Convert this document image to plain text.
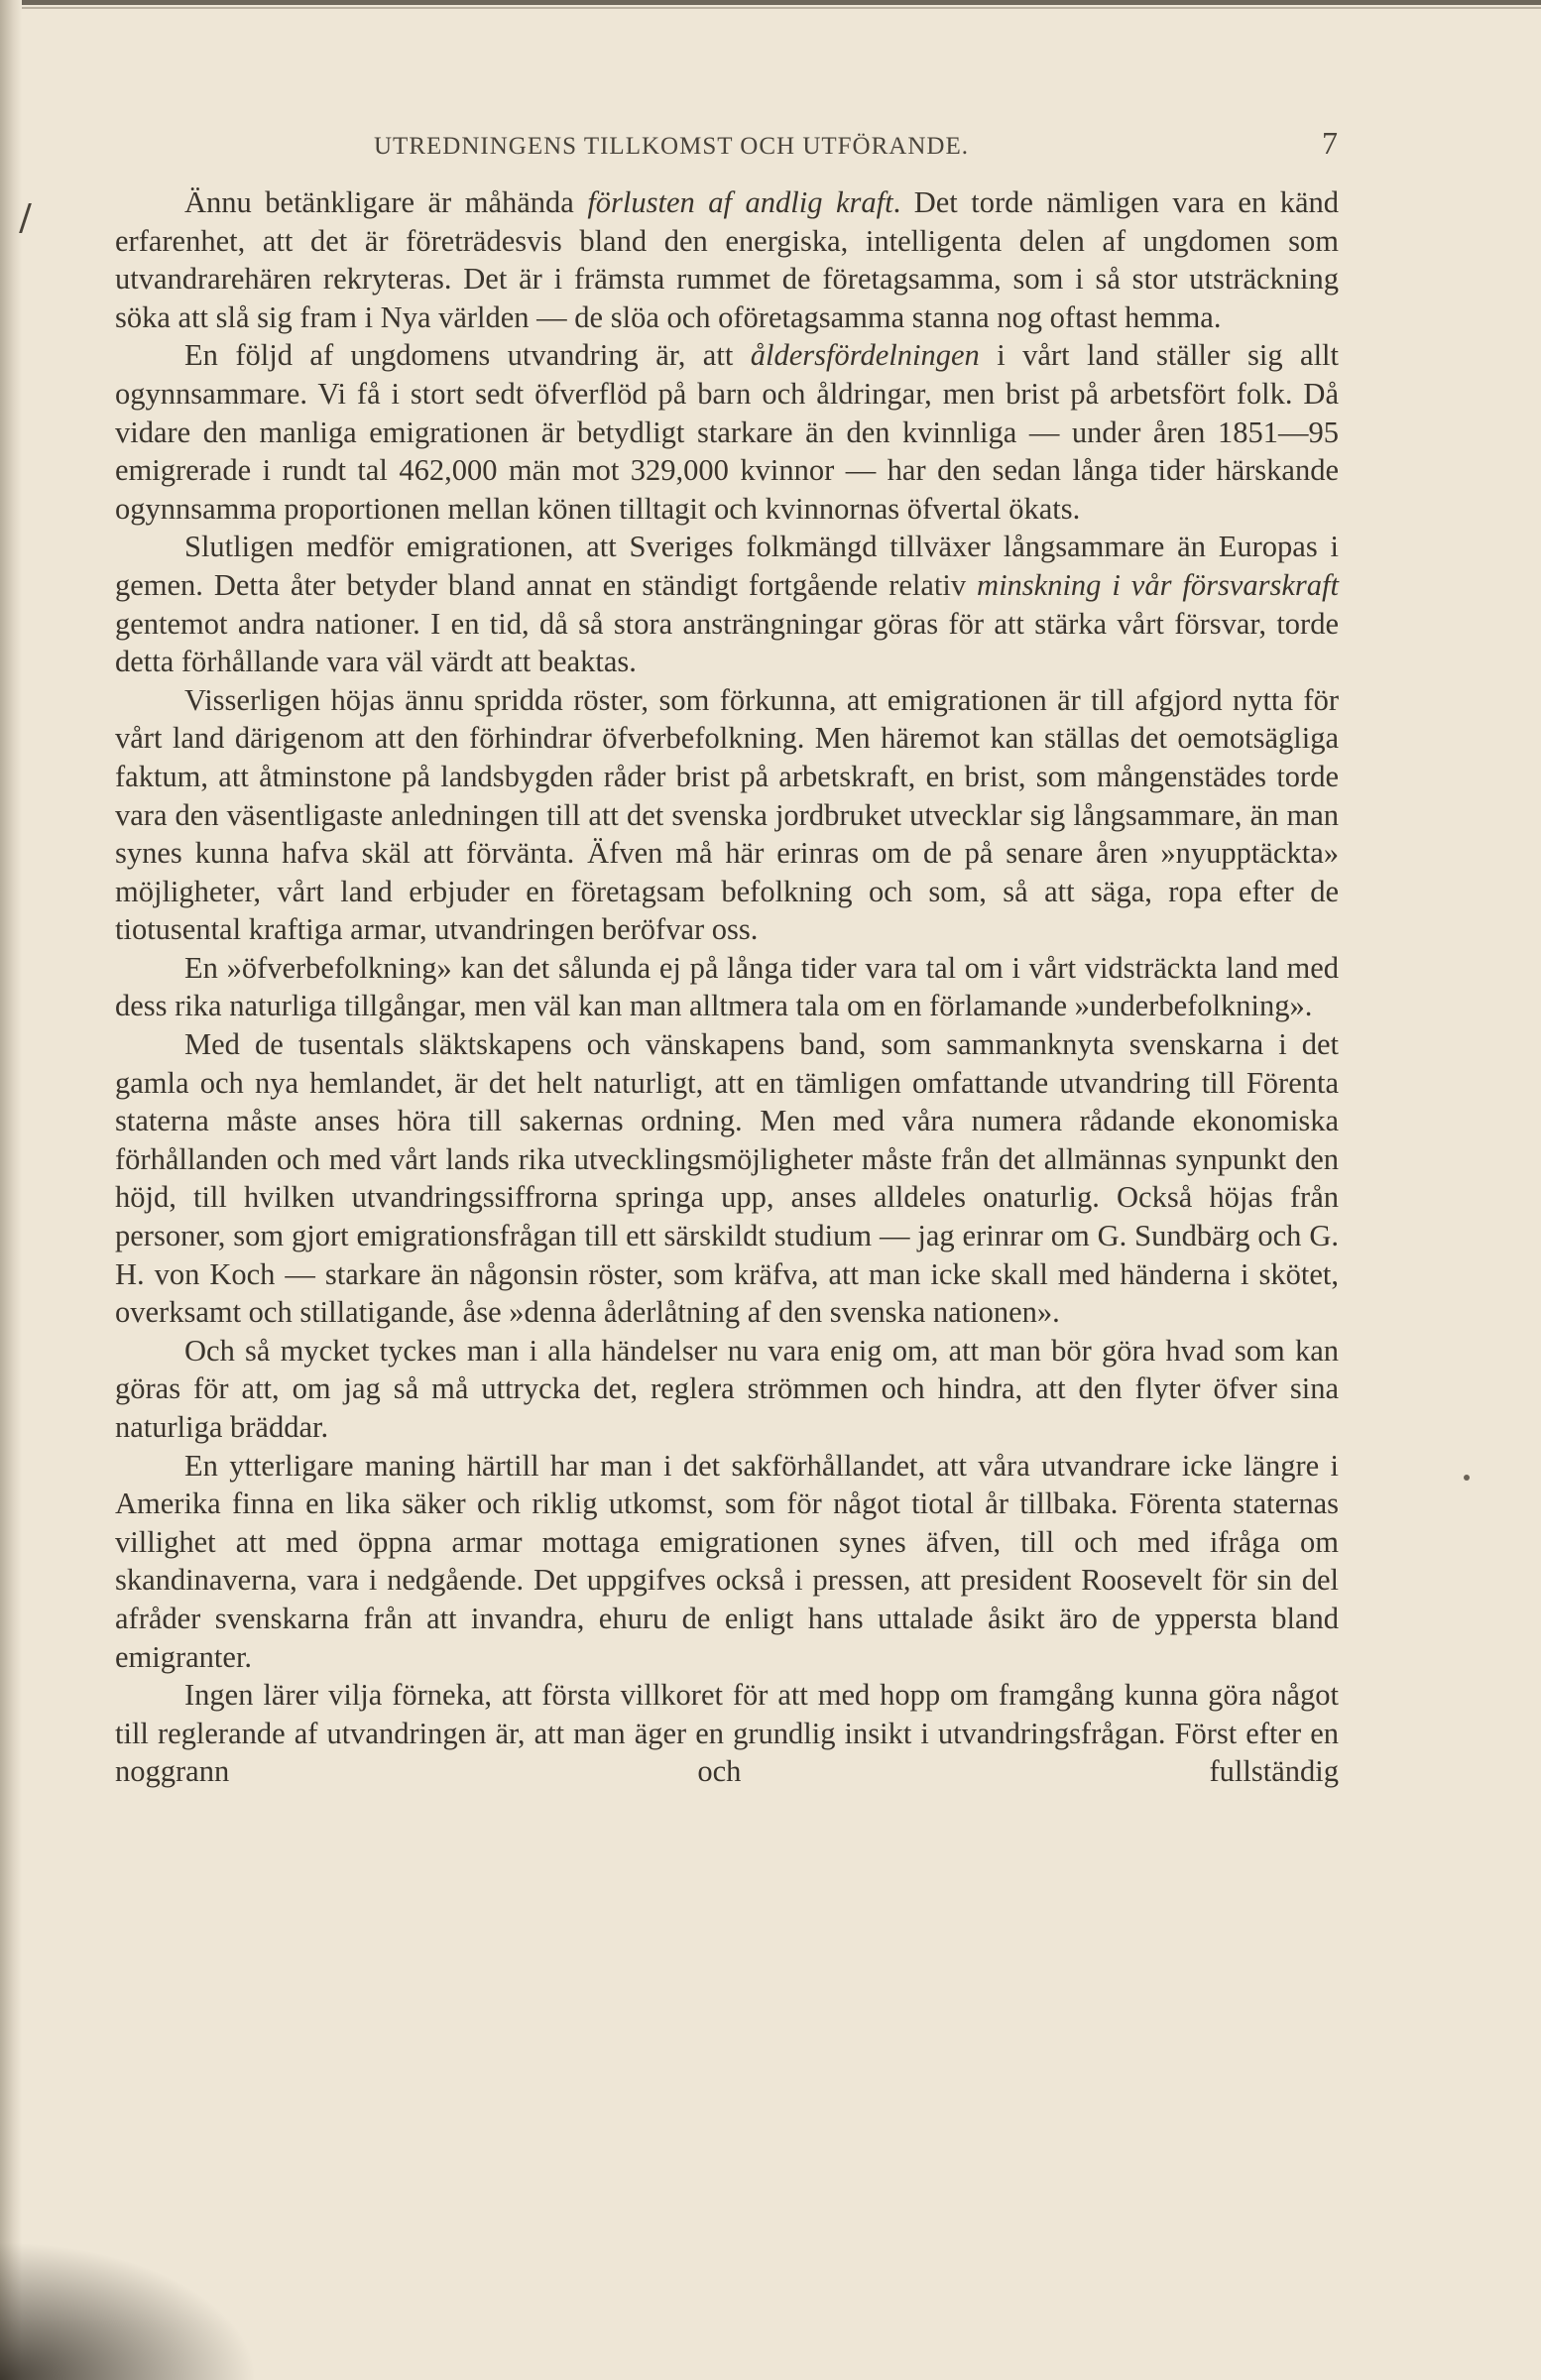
UTREDNINGENS TILLKOMST OCH UTFÖRANDE.	7

Ännu betänkligare är måhända förlusten af andlig kraft. Det torde nämligen vara en känd erfarenhet, att det är företrädesvis bland den energiska, intelligenta delen af ungdomen som utvandrarehären rekryteras. Det är i främsta rummet de företagsamma, som i så stor utsträckning söka att slå sig fram i Nya världen — de slöa och oföretagsamma stanna nog oftast hemma.

En följd af ungdomens utvandring är, att åldersfördelningen i vårt land ställer sig allt ogynnsammare. Vi få i stort sedt öfverflöd på barn och åldringar, men brist på arbetsfört folk. Då vidare den manliga emigrationen är betydligt starkare än den kvinnliga — under åren 1851—95 emigrerade i rundt tal 462,000 män mot 329,000 kvinnor — har den sedan långa tider härskande ogynnsamma proportionen mellan könen tilltagit och kvinnornas öfvertal ökats.

Slutligen medför emigrationen, att Sveriges folkmängd tillväxer långsammare än Europas i gemen. Detta åter betyder bland annat en ständigt fortgående relativ minskning i vår försvarskraft gentemot andra nationer. I en tid, då så stora ansträngningar göras för att stärka vårt försvar, torde detta förhållande vara väl värdt att beaktas.

Visserligen höjas ännu spridda röster, som förkunna, att emigrationen är till afgjord nytta för vårt land därigenom att den förhindrar öfverbefolkning. Men häremot kan ställas det oemotsägliga faktum, att åtminstone på landsbygden råder brist på arbetskraft, en brist, som mångenstädes torde vara den väsentligaste anledningen till att det svenska jordbruket utvecklar sig långsammare, än man synes kunna hafva skäl att förvänta. Äfven må här erinras om de på senare åren »nyupptäckta» möjligheter, vårt land erbjuder en företagsam befolkning och som, så att säga, ropa efter de tiotusental kraftiga armar, utvandringen beröfvar oss.

En »öfverbefolkning» kan det sålunda ej på långa tider vara tal om i vårt vidsträckta land med dess rika naturliga tillgångar, men väl kan man alltmera tala om en förlamande »underbefolkning».

Med de tusentals släktskapens och vänskapens band, som sammanknyta svenskarna i det gamla och nya hemlandet, är det helt naturligt, att en tämligen omfattande utvandring till Förenta staterna måste anses höra till sakernas ordning. Men med våra numera rådande ekonomiska förhållanden och med vårt lands rika utvecklingsmöjligheter måste från det allmännas synpunkt den höjd, till hvilken utvandringssiffrorna springa upp, anses alldeles onaturlig. Också höjas från personer, som gjort emigrationsfrågan till ett särskildt studium — jag erinrar om G. Sundbärg och G. H. von Koch — starkare än någonsin röster, som kräfva, att man icke skall med händerna i skötet, overksamt och stillatigande, åse »denna åderlåtning af den svenska nationen».

Och så mycket tyckes man i alla händelser nu vara enig om, att man bör göra hvad som kan göras för att, om jag så må uttrycka det, reglera strömmen och hindra, att den flyter öfver sina naturliga bräddar.

En ytterligare maning härtill har man i det sakförhållandet, att våra utvandrare icke längre i Amerika finna en lika säker och riklig utkomst, som för något tiotal år tillbaka. Förenta staternas villighet att med öppna armar mottaga emigrationen synes äfven, till och med ifråga om skandinaverna, vara i nedgående. Det uppgifves också i pressen, att president Roosevelt för sin del afråder svenskarna från att invandra, ehuru de enligt hans uttalade åsikt äro de yppersta bland emigranter.

Ingen lärer vilja förneka, att första villkoret för att med hopp om framgång kunna göra något till reglerande af utvandringen är, att man äger en grundlig insikt i utvandringsfrågan. Först efter en noggrann och fullständig
